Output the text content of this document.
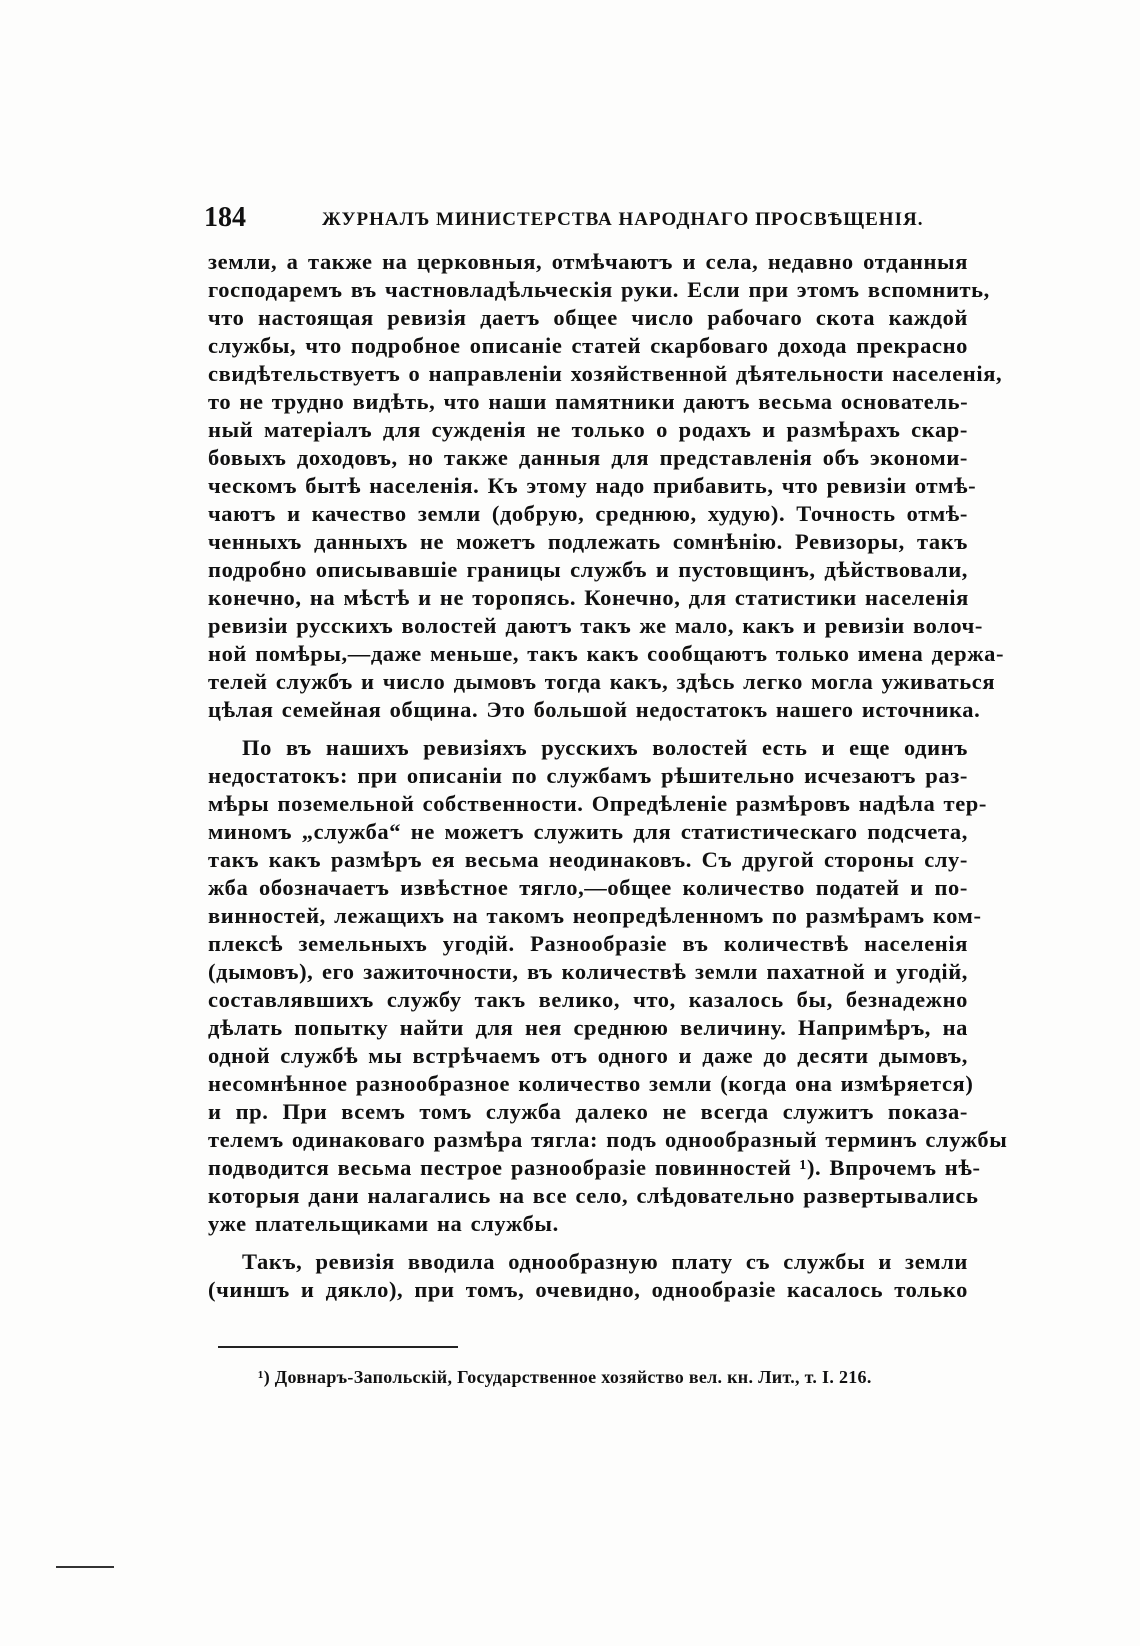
184	ЖУРНАЛЪ МИНИСТЕРСТВА НАРОДНАГО ПРОСВѢЩЕНІЯ.
земли, а также на церковныя, отмѣчаютъ и села, недавно отданныя
господаремъ въ частновладѣльческія руки. Если при этомъ вспомнить,
что настоящая ревизія даетъ общее число рабочаго скота каждой
службы, что подробное описаніе статей скарбоваго дохода прекрасно
свидѣтельствуетъ о направленіи хозяйственной дѣятельности населенія,
то не трудно видѣть, что наши памятники даютъ весьма основатель-
ный матеріалъ для сужденія не только о родахъ и размѣрахъ скар-
бовыхъ доходовъ, но также данныя для представленія объ экономи-
ческомъ бытѣ населенія. Къ этому надо прибавить, что ревизіи отмѣ-
чаютъ и качество земли (добрую, среднюю, худую). Точность отмѣ-
ченныхъ данныхъ не можетъ подлежать сомнѣнію. Ревизоры, такъ
подробно описывавшіе границы службъ и пустовщинъ, дѣйствовали,
конечно, на мѣстѣ и не торопясь. Конечно, для статистики населенія
ревизіи русскихъ волостей даютъ такъ же мало, какъ и ревизіи волоч-
ной помѣры,—даже меньше, такъ какъ сообщаютъ только имена держа-
телей службъ и число дымовъ тогда какъ, здѣсь легко могла уживаться
цѣлая семейная община. Это большой недостатокъ нашего источника.
По въ нашихъ ревизіяхъ русскихъ волостей есть и еще одинъ
недостатокъ: при описаніи по службамъ рѣшительно исчезаютъ раз-
мѣры поземельной собственности. Опредѣленіе размѣровъ надѣла тер-
миномъ „служба“ не можетъ служить для статистическаго подсчета,
такъ какъ размѣръ ея весьма неодинаковъ. Съ другой стороны слу-
жба обозначаетъ извѣстное тягло,—общее количество податей и по-
винностей, лежащихъ на такомъ неопредѣленномъ по размѣрамъ ком-
плексѣ земельныхъ угодій. Разнообразіе въ количествѣ населенія
(дымовъ), его зажиточности, въ количествѣ земли пахатной и угодій,
составлявшихъ службу такъ велико, что, казалось бы, безнадежно
дѣлать попытку найти для нея среднюю величину. Напримѣръ, на
одной службѣ мы встрѣчаемъ отъ одного и даже до десяти дымовъ,
несомнѣнное разнообразное количество земли (когда она измѣряется)
и пр. При всемъ томъ служба далеко не всегда служитъ показа-
телемъ одинаковаго размѣра тягла: подъ однообразный терминъ службы
подводится весьма пестрое разнообразіе повинностей ¹). Впрочемъ нѣ-
которыя дани налагались на все село, слѣдовательно развертывались
уже плательщиками на службы.
Такъ, ревизія вводила однообразную плату съ службы и земли
(чиншъ и дякло), при томъ, очевидно, однообразіе касалось только
¹) Довнаръ-Запольскій, Государственное хозяйство вел. кн. Лит., т. I. 216.
